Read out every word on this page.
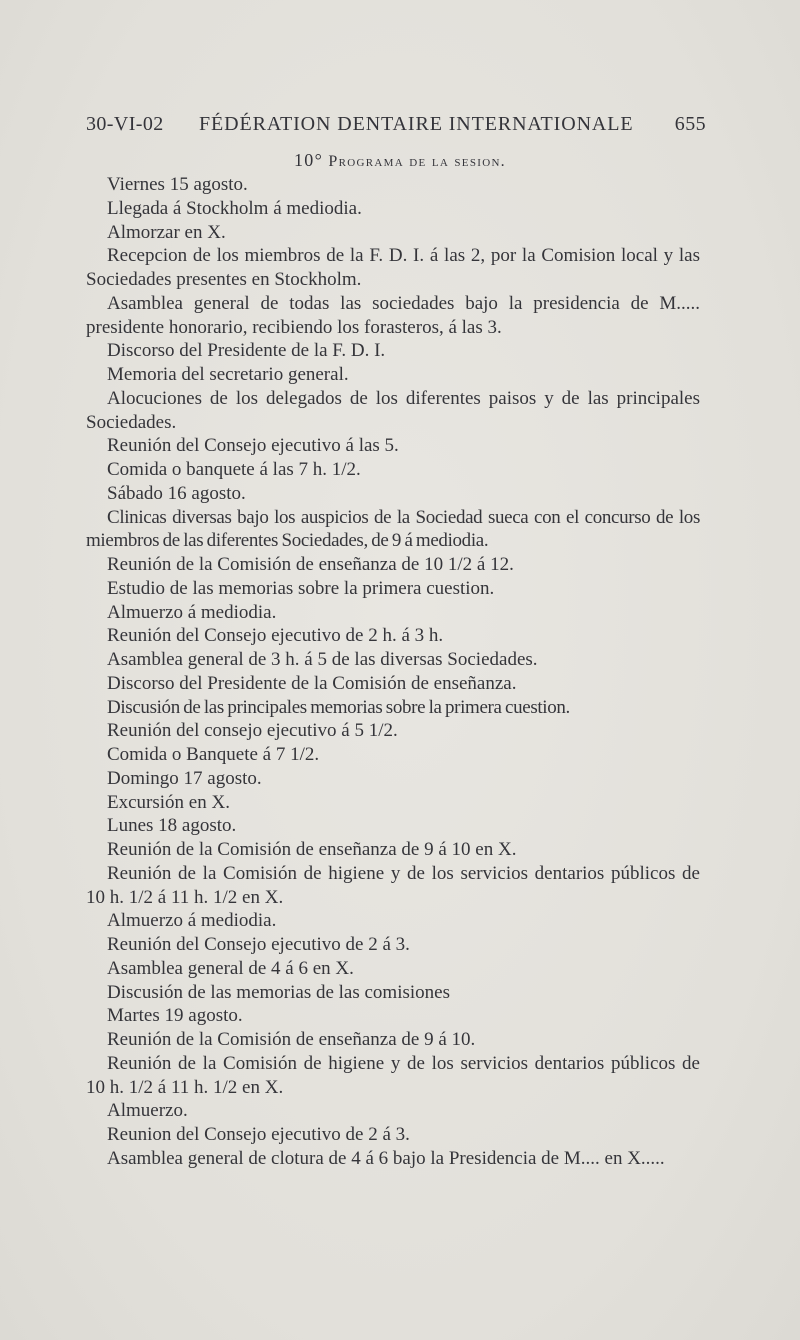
30-VI-02 FÉDÉRATION DENTAIRE INTERNATIONALE 655
10° Programa de la sesion.

Viernes 15 agosto.

Llegada á Stockholm á mediodia.

Almorzar en X.

Recepcion de los miembros de la F. D. I. á las 2, por la Comision local y las Sociedades presentes en Stockholm.

Asamblea general de todas las sociedades bajo la presidencia de M..... presidente honorario, recibiendo los forasteros, á las 3.

Discorso del Presidente de la F. D. I.

Memoria del secretario general.

Alocuciones de los delegados de los diferentes paisos y de las principales Sociedades.

Reunión del Consejo ejecutivo á las 5.

Comida o banquete á las 7 h. 1/2.

Sábado 16 agosto.

Clinicas diversas bajo los auspicios de la Sociedad sueca con el concurso de los miembros de las diferentes Sociedades, de 9 á mediodia.

Reunión de la Comisión de enseñanza de 10 1/2 á 12.

Estudio de las memorias sobre la primera cuestion.

Almuerzo á mediodia.

Reunión del Consejo ejecutivo de 2 h. á 3 h.

Asamblea general de 3 h. á 5 de las diversas Sociedades.

Discorso del Presidente de la Comisión de enseñanza.

Discusión de las principales memorias sobre la primera cuestion.

Reunión del consejo ejecutivo á 5 1/2.

Comida o Banquete á 7 1/2.

Domingo 17 agosto.

Excursión en X.

Lunes 18 agosto.

Reunión de la Comisión de enseñanza de 9 á 10 en X.

Reunión de la Comisión de higiene y de los servicios dentarios públicos de 10 h. 1/2 á 11 h. 1/2 en X.

Almuerzo á mediodia.

Reunión del Consejo ejecutivo de 2 á 3.

Asamblea general de 4 á 6 en X.

Discusión de las memorias de las comisiones

Martes 19 agosto.

Reunión de la Comisión de enseñanza de 9 á 10.

Reunión de la Comisión de higiene y de los servicios dentarios públicos de 10 h. 1/2 á 11 h. 1/2 en X.

Almuerzo.

Reunion del Consejo ejecutivo de 2 á 3.

Asamblea general de clotura de 4 á 6 bajo la Presidencia de M.... en X.....
